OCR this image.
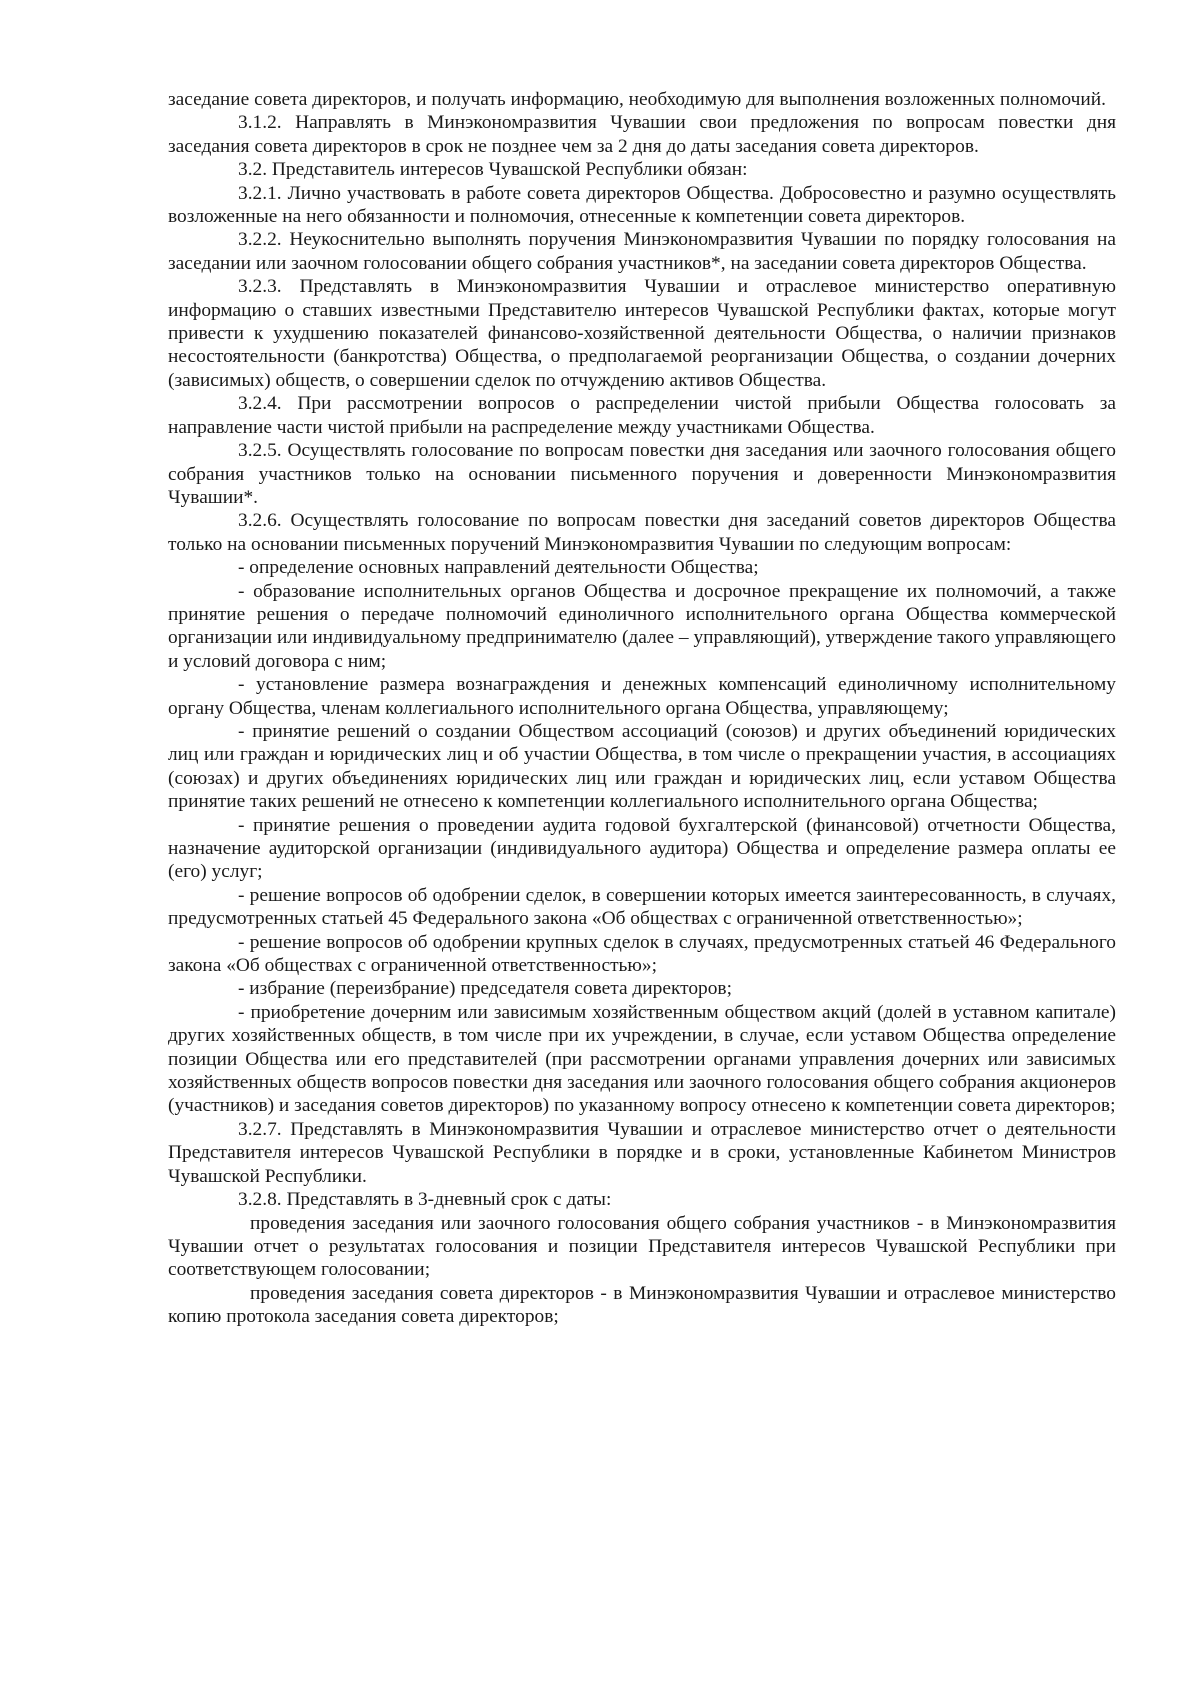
заседание совета директоров, и получать информацию, необходимую для выполнения возложенных полномочий.

3.1.2. Направлять в Минэкономразвития Чувашии свои предложения по вопросам повестки дня заседания совета директоров в срок не позднее чем за 2 дня до даты заседания совета директоров.

3.2. Представитель интересов Чувашской Республики обязан:

3.2.1. Лично участвовать в работе совета директоров Общества. Добросовестно и разумно осуществлять возложенные на него обязанности и полномочия, отнесенные к компетенции совета директоров.

3.2.2. Неукоснительно выполнять поручения Минэкономразвития Чувашии по порядку голосования на заседании или заочном голосовании общего собрания участников*, на заседании совета директоров Общества.

3.2.3. Представлять в Минэкономразвития Чувашии и отраслевое министерство оперативную информацию о ставших известными Представителю интересов Чувашской Республики фактах, которые могут привести к ухудшению показателей финансово-хозяйственной деятельности Общества, о наличии признаков несостоятельности (банкротства) Общества, о предполагаемой реорганизации Общества, о создании дочерних (зависимых) обществ, о совершении сделок по отчуждению активов Общества.

3.2.4. При рассмотрении вопросов о распределении чистой прибыли Общества голосовать за направление части чистой прибыли на распределение между участниками Общества.

3.2.5. Осуществлять голосование по вопросам повестки дня заседания или заочного голосования общего собрания участников только на основании письменного поручения и доверенности Минэкономразвития Чувашии*.

3.2.6. Осуществлять голосование по вопросам повестки дня заседаний советов директоров Общества только на основании письменных поручений Минэкономразвития Чувашии по следующим вопросам:

- определение основных направлений деятельности Общества;

- образование исполнительных органов Общества и досрочное прекращение их полномочий, а также принятие решения о передаче полномочий единоличного исполнительного органа Общества коммерческой организации или индивидуальному предпринимателю (далее – управляющий), утверждение такого управляющего и условий договора с ним;

- установление размера вознаграждения и денежных компенсаций единоличному исполнительному органу Общества, членам коллегиального исполнительного органа Общества, управляющему;

- принятие решений о создании Обществом ассоциаций (союзов) и других объединений юридических лиц или граждан и юридических лиц и об участии Общества, в том числе о прекращении участия, в ассоциациях (союзах) и других объединениях юридических лиц или граждан и юридических лиц, если уставом Общества принятие таких решений не отнесено к компетенции коллегиального исполнительного органа Общества;

- принятие решения о проведении аудита годовой бухгалтерской (финансовой) отчетности Общества, назначение аудиторской организации (индивидуального аудитора) Общества и определение размера оплаты ее (его) услуг;

- решение вопросов об одобрении сделок, в совершении которых имеется заинтересованность, в случаях, предусмотренных статьей 45 Федерального закона «Об обществах с ограниченной ответственностью»;

- решение вопросов об одобрении крупных сделок в случаях, предусмотренных статьей 46 Федерального закона «Об обществах с ограниченной ответственностью»;

- избрание (переизбрание) председателя совета директоров;

- приобретение дочерним или зависимым хозяйственным обществом акций (долей в уставном капитале) других хозяйственных обществ, в том числе при их учреждении, в случае, если уставом Общества определение позиции Общества или его представителей (при рассмотрении органами управления дочерних или зависимых хозяйственных обществ вопросов повестки дня заседания или заочного голосования общего собрания акционеров (участников) и заседания советов директоров) по указанному вопросу отнесено к компетенции совета директоров;

3.2.7. Представлять в Минэкономразвития Чувашии и отраслевое министерство отчет о деятельности Представителя интересов Чувашской Республики в порядке и в сроки, установленные Кабинетом Министров Чувашской Республики.

3.2.8. Представлять в 3-дневный срок с даты:

проведения заседания или заочного голосования общего собрания участников - в Минэкономразвития Чувашии отчет о результатах голосования и позиции Представителя интересов Чувашской Республики при соответствующем голосовании;

проведения заседания совета директоров - в Минэкономразвития Чувашии и отраслевое министерство копию протокола заседания совета директоров;
